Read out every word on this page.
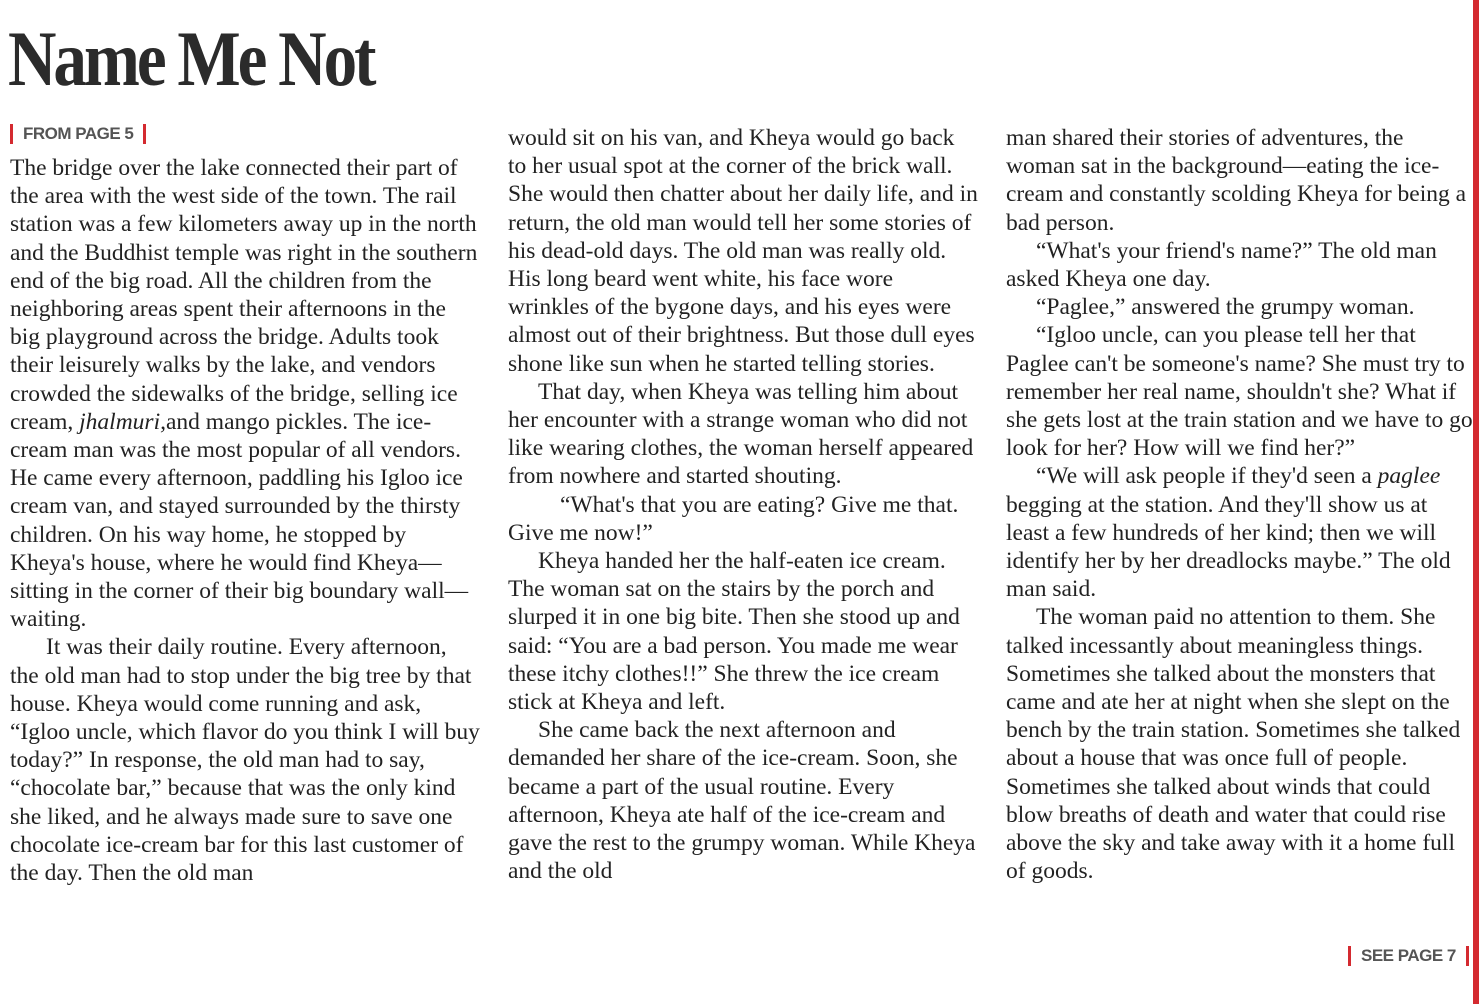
Name Me Not
FROM PAGE 5

The bridge over the lake connected their part of the area with the west side of the town. The rail station was a few kilometers away up in the north and the Buddhist temple was right in the southern end of the big road. All the children from the neighboring areas spent their afternoons in the big playground across the bridge. Adults took their leisurely walks by the lake, and vendors crowded the sidewalks of the bridge, selling ice cream, jhalmuri,and mango pickles. The ice-cream man was the most popular of all vendors. He came every afternoon, paddling his Igloo ice cream van, and stayed surrounded by the thirsty children. On his way home, he stopped by Kheya's house, where he would find Kheya—sitting in the corner of their big boundary wall—waiting.

It was their daily routine. Every afternoon, the old man had to stop under the big tree by that house. Kheya would come running and ask, “Igloo uncle, which flavor do you think I will buy today?” In response, the old man had to say, “chocolate bar,” because that was the only kind she liked, and he always made sure to save one chocolate ice-cream bar for this last customer of the day. Then the old man

would sit on his van, and Kheya would go back to her usual spot at the corner of the brick wall. She would then chatter about her daily life, and in return, the old man would tell her some stories of his dead-old days. The old man was really old. His long beard went white, his face wore wrinkles of the bygone days, and his eyes were almost out of their brightness. But those dull eyes shone like sun when he started telling stories.

That day, when Kheya was telling him about her encounter with a strange woman who did not like wearing clothes, the woman herself appeared from nowhere and started shouting.

“What's that you are eating? Give me that. Give me now!”

Kheya handed her the half-eaten ice cream. The woman sat on the stairs by the porch and slurped it in one big bite. Then she stood up and said: “You are a bad person. You made me wear these itchy clothes!!” She threw the ice cream stick at Kheya and left.

She came back the next afternoon and demanded her share of the ice-cream. Soon, she became a part of the usual routine. Every afternoon, Kheya ate half of the ice-cream and gave the rest to the grumpy woman. While Kheya and the old

man shared their stories of adventures, the woman sat in the background—eating the ice-cream and constantly scolding Kheya for being a bad person.

“What's your friend's name?” The old man asked Kheya one day.

“Paglee,” answered the grumpy woman.

“Igloo uncle, can you please tell her that Paglee can't be someone's name? She must try to remember her real name, shouldn't she? What if she gets lost at the train station and we have to go look for her? How will we find her?”

“We will ask people if they'd seen a paglee begging at the station. And they'll show us at least a few hundreds of her kind; then we will identify her by her dreadlocks maybe.” The old man said.

The woman paid no attention to them. She talked incessantly about meaningless things. Sometimes she talked about the monsters that came and ate her at night when she slept on the bench by the train station. Sometimes she talked about a house that was once full of people. Sometimes she talked about winds that could blow breaths of death and water that could rise above the sky and take away with it a home full of goods.

SEE PAGE 7
